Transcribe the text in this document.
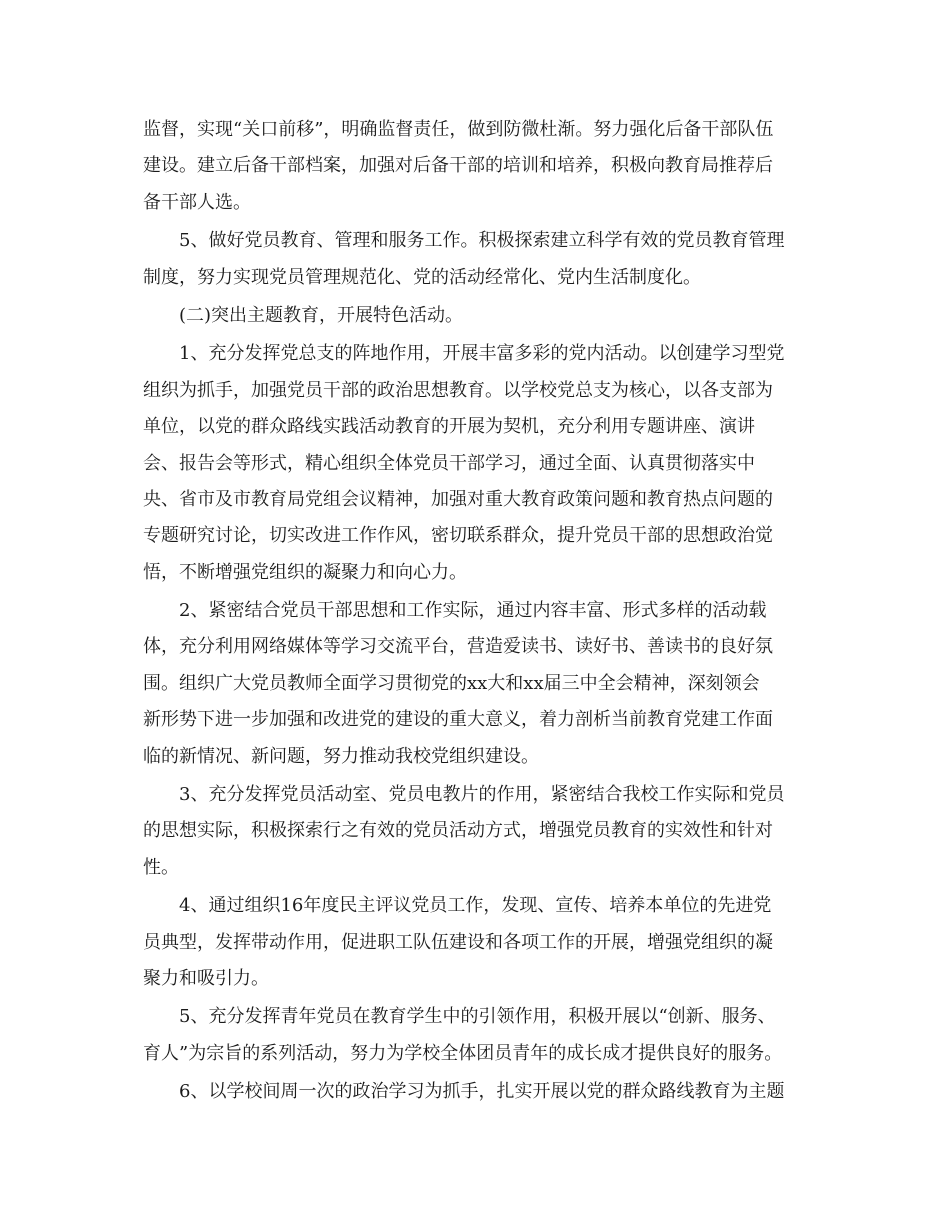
监督，实现“关口前移”，明确监督责任，做到防微杜渐。努力强化后备干部队伍
建设。建立后备干部档案，加强对后备干部的培训和培养，积极向教育局推荐后
备干部人选。
5、做好党员教育、管理和服务工作。积极探索建立科学有效的党员教育管理
制度，努力实现党员管理规范化、党的活动经常化、党内生活制度化。
(二)突出主题教育，开展特色活动。
1、充分发挥党总支的阵地作用，开展丰富多彩的党内活动。以创建学习型党
组织为抓手，加强党员干部的政治思想教育。以学校党总支为核心，以各支部为
单位，以党的群众路线实践活动教育的开展为契机，充分利用专题讲座、演讲
会、报告会等形式，精心组织全体党员干部学习，通过全面、认真贯彻落实中
央、省市及市教育局党组会议精神，加强对重大教育政策问题和教育热点问题的
专题研究讨论，切实改进工作作风，密切联系群众，提升党员干部的思想政治觉
悟，不断增强党组织的凝聚力和向心力。
2、紧密结合党员干部思想和工作实际，通过内容丰富、形式多样的活动载
体，充分利用网络媒体等学习交流平台，营造爱读书、读好书、善读书的良好氛
围。组织广大党员教师全面学习贯彻党的xx大和xx届三中全会精神，深刻领会
新形势下进一步加强和改进党的建设的重大意义，着力剖析当前教育党建工作面
临的新情况、新问题，努力推动我校党组织建设。
3、充分发挥党员活动室、党员电教片的作用，紧密结合我校工作实际和党员
的思想实际，积极探索行之有效的党员活动方式，增强党员教育的实效性和针对
性。
4、通过组织16年度民主评议党员工作，发现、宣传、培养本单位的先进党
员典型，发挥带动作用，促进职工队伍建设和各项工作的开展，增强党组织的凝
聚力和吸引力。
5、充分发挥青年党员在教育学生中的引领作用，积极开展以“创新、服务、
育人”为宗旨的系列活动，努力为学校全体团员青年的成长成才提供良好的服务。
6、以学校间周一次的政治学习为抓手，扎实开展以党的群众路线教育为主题
